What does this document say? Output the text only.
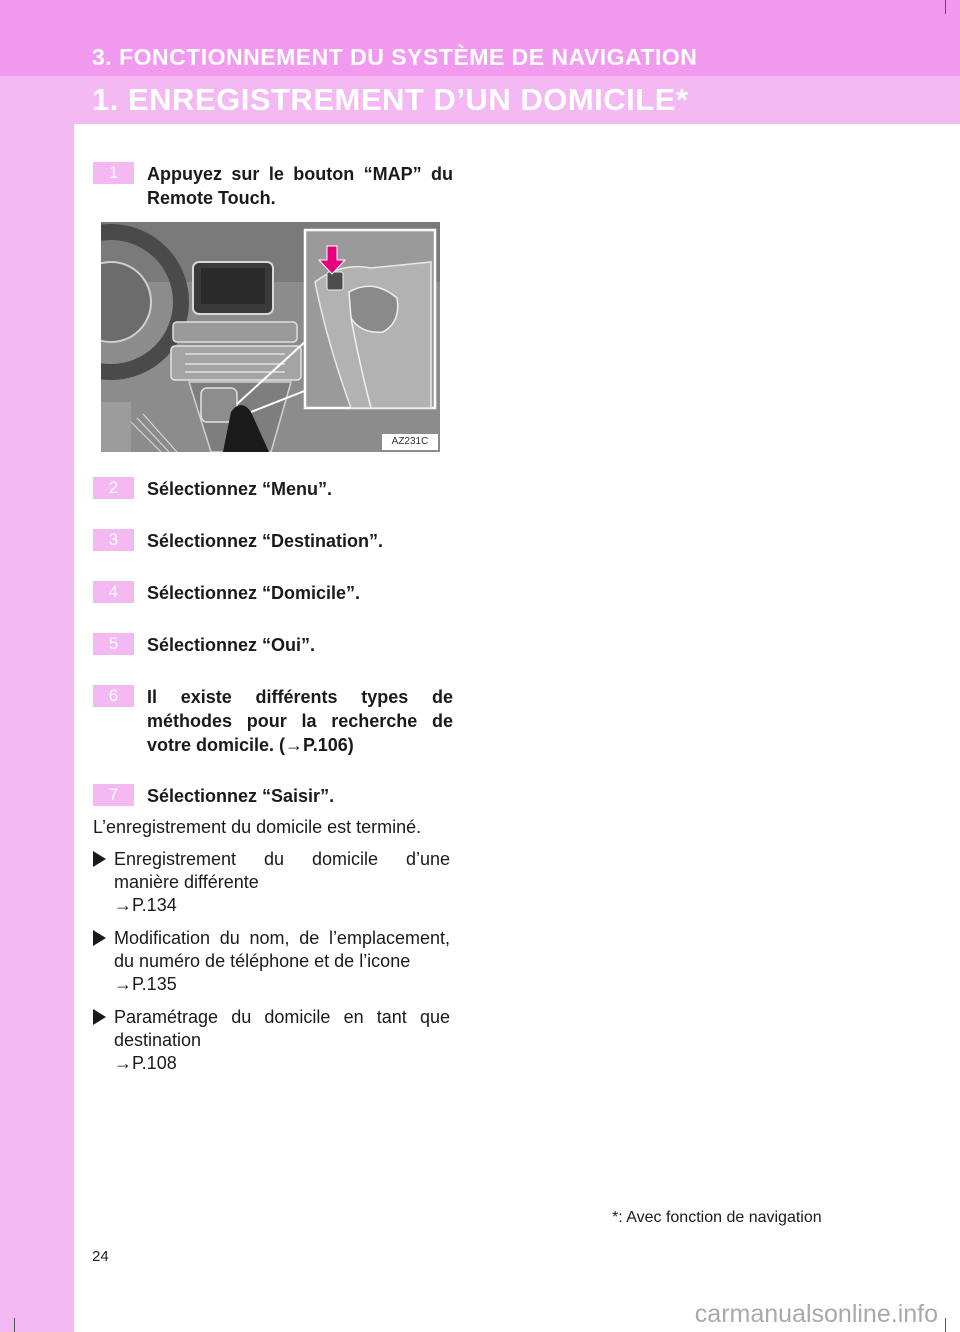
3. FONCTIONNEMENT DU SYSTÈME DE NAVIGATION
1. ENREGISTREMENT D’UN DOMICILE*
1	Appuyez sur le bouton “MAP” du Remote Touch.
AZ231C
2	Sélectionnez “Menu”.
3	Sélectionnez “Destination”.
4	Sélectionnez “Domicile”.
5	Sélectionnez “Oui”.
6	Il existe différents types de méthodes pour la recherche de votre domicile. (→P.106)
7	Sélectionnez “Saisir”.
L’enregistrement du domicile est terminé.
Enregistrement du domicile d’une manière différente
→P.134
Modification du nom, de l’emplacement, du numéro de téléphone et de l’icone
→P.135
Paramétrage du domicile en tant que destination
→P.108
*: Avec fonction de navigation
24
carmanualsonline.info
